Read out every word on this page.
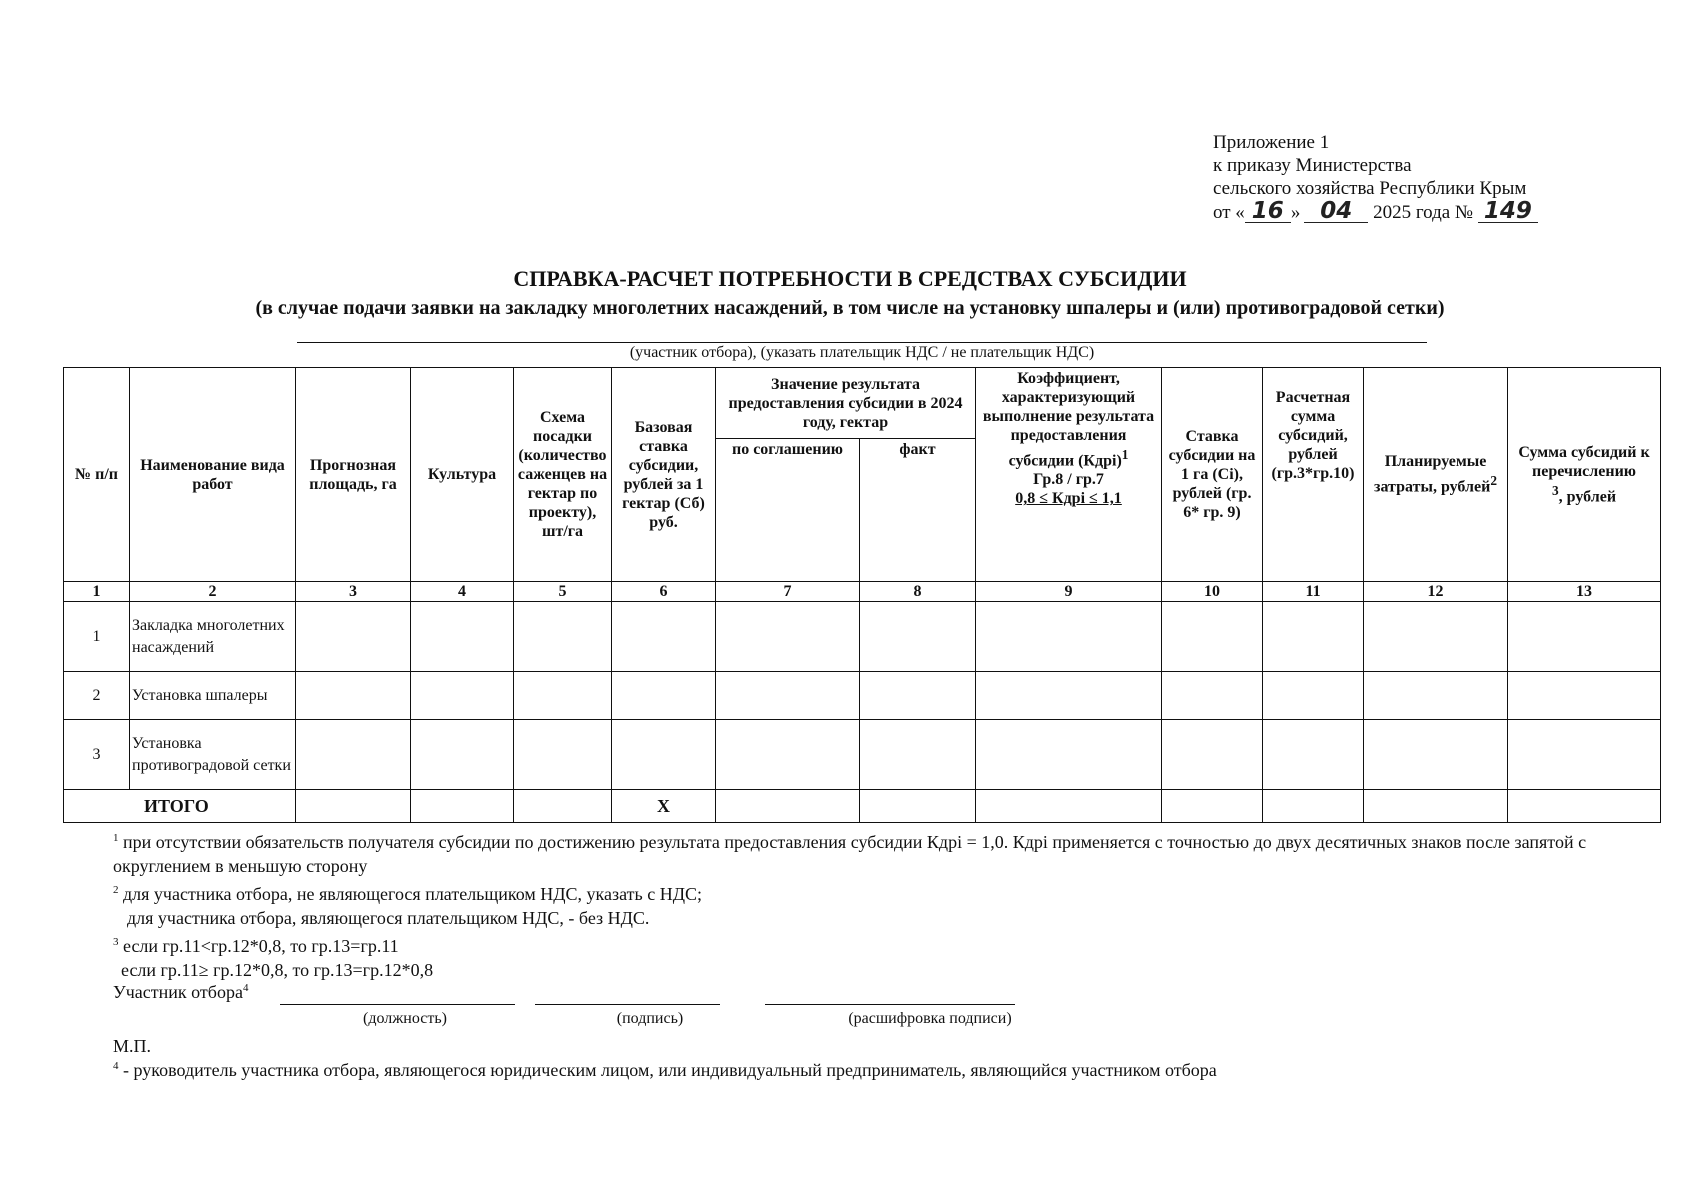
Приложение 1
к приказу Министерства
сельского хозяйства Республики Крым
от « 16 » 04 2025 года № 149
СПРАВКА-РАСЧЕТ ПОТРЕБНОСТИ В СРЕДСТВАХ СУБСИДИИ
(в случае подачи заявки на закладку многолетних насаждений, в том числе на установку шпалеры и (или) противоградовой сетки)
(участник отбора), (указать плательщик НДС / не плательщик НДС)
№ п/п	Наименование вида работ	Прогнозная площадь, га	Культура	Схема посадки (количество саженцев на гектар по проекту), шт/га	Базовая ставка субсидии, рублей за 1 гектар (Сб) руб.	Значение результата предоставления субсидии в 2024 году, гектар		Коэффициент, характеризующий выполнение результата предоставления субсидии (Кдрi)$^1$
Гр.8 / гр.7
0,8 ≤ Кдрi ≤ 1,1	Ставка субсидии на 1 га (Сi), рублей (гр. 6* гр. 9)	Расчетная сумма субсидий, рублей (гр.3*гр.10)	Планируемые затраты, рублей$^2$	Сумма субсидий к перечислению
$^3$, рублей
						по соглашению	факт					
1	2	3	4	5	6	7	8	9	10	11	12	13
1	Закладка многолетних насаждений											
2	Установка шпалеры											
3	Установка противоградовой сетки											
ИТОГО					X							
$^1$ при отсутствии обязательств получателя субсидии по достижению результата предоставления субсидии Кдрi = 1,0. Кдрi применяется с точностью до двух десятичных знаков после запятой с округлением в меньшую сторону
$^2$ для участника отбора, не являющегося плательщиком НДС, указать с НДС;
для участника отбора, являющегося плательщиком НДС, - без НДС.
$^3$ если гр.11<гр.12*0,8, то гр.13=гр.11
если гр.11≥ гр.12*0,8, то гр.13=гр.12*0,8
Участник отбора$^4$
(должность)	(подпись)	(расшифровка подписи)
М.П.
$^4$ - руководитель участника отбора, являющегося юридическим лицом, или индивидуальный предприниматель, являющийся участником отбора
